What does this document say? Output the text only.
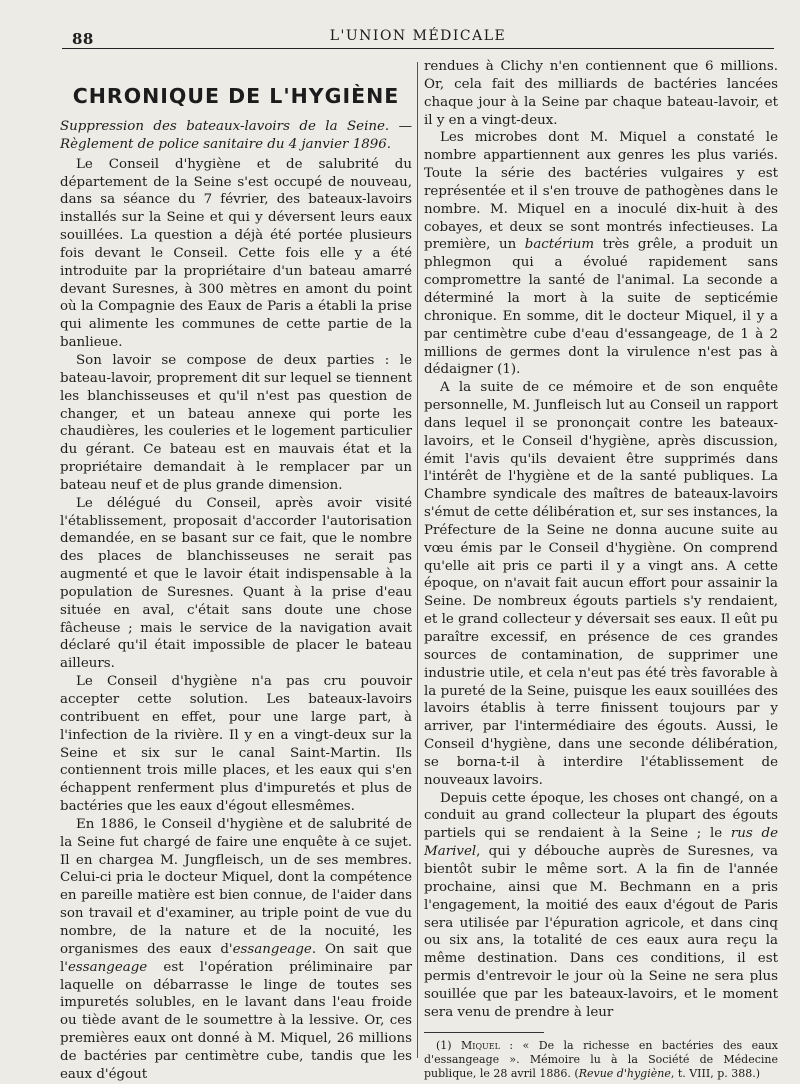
88	L'UNION MÉDICALE
CHRONIQUE DE L'HYGIÈNE

Suppression des bateaux-lavoirs de la Seine. — Règlement de police sanitaire du 4 janvier 1896.

Le Conseil d'hygiène et de salubrité du département de la Seine s'est occupé de nouveau, dans sa séance du 7 février, des bateaux-lavoirs installés sur la Seine et qui y déversent leurs eaux souillées. La question a déjà été portée plusieurs fois devant le Conseil. Cette fois elle y a été introduite par la propriétaire d'un bateau amarré devant Suresnes, à 300 mètres en amont du point où la Compagnie des Eaux de Paris a établi la prise qui alimente les communes de cette partie de la banlieue.

Son lavoir se compose de deux parties : le bateau-lavoir, proprement dit sur lequel se tiennent les blanchisseuses et qu'il n'est pas question de changer, et un bateau annexe qui porte les chaudières, les couleries et le logement particulier du gérant. Ce bateau est en mauvais état et la propriétaire demandait à le remplacer par un bateau neuf et de plus grande dimension.

Le délégué du Conseil, après avoir visité l'établissement, proposait d'accorder l'autorisation demandée, en se basant sur ce fait, que le nombre des places de blanchisseuses ne serait pas augmenté et que le lavoir était indispensable à la population de Suresnes. Quant à la prise d'eau située en aval, c'était sans doute une chose fâcheuse ; mais le service de la navigation avait déclaré qu'il était impossible de placer le bateau ailleurs.

Le Conseil d'hygiène n'a pas cru pouvoir accepter cette solution. Les bateaux-lavoirs contribuent en effet, pour une large part, à l'infection de la rivière. Il y en a vingt-deux sur la Seine et six sur le canal Saint-Martin. Ils contiennent trois mille places, et les eaux qui s'en échappent renferment plus d'impuretés et plus de bactéries que les eaux d'égout ellesmêmes.

En 1886, le Conseil d'hygiène et de salubrité de la Seine fut chargé de faire une enquête à ce sujet. Il en chargea M. Jungfleisch, un de ses membres. Celui-ci pria le docteur Miquel, dont la compétence en pareille matière est bien connue, de l'aider dans son travail et d'examiner, au triple point de vue du nombre, de la nature et de la nocuité, les organismes des eaux d'essangeage. On sait que l'essangeage est l'opération préliminaire par laquelle on débarrasse le linge de toutes ses impuretés solubles, en le lavant dans l'eau froide ou tiède avant de le soumettre à la lessive. Or, ces premières eaux ont donné à M. Miquel, 26 millions de bactéries par centimètre cube, tandis que les eaux d'égout

rendues à Clichy n'en contiennent que 6 millions. Or, cela fait des milliards de bactéries lancées chaque jour à la Seine par chaque bateau-lavoir, et il y en a vingt-deux.

Les microbes dont M. Miquel a constaté le nombre appartiennent aux genres les plus variés. Toute la série des bactéries vulgaires y est représentée et il s'en trouve de pathogènes dans le nombre. M. Miquel en a inoculé dix-huit à des cobayes, et deux se sont montrés infectieuses. La première, un bactérium très grêle, a produit un phlegmon qui a évolué rapidement sans compromettre la santé de l'animal. La seconde a déterminé la mort à la suite de septicémie chronique. En somme, dit le docteur Miquel, il y a par centimètre cube d'eau d'essangeage, de 1 à 2 millions de germes dont la virulence n'est pas à dédaigner (1).

A la suite de ce mémoire et de son enquête personnelle, M. Junfleisch lut au Conseil un rapport dans lequel il se prononçait contre les bateaux-lavoirs, et le Conseil d'hygiène, après discussion, émit l'avis qu'ils devaient être supprimés dans l'intérêt de l'hygiène et de la santé publiques. La Chambre syndicale des maîtres de bateaux-lavoirs s'émut de cette délibération et, sur ses instances, la Préfecture de la Seine ne donna aucune suite au vœu émis par le Conseil d'hygiène. On comprend qu'elle ait pris ce parti il y a vingt ans. A cette époque, on n'avait fait aucun effort pour assainir la Seine. De nombreux égouts partiels s'y rendaient, et le grand collecteur y déversait ses eaux. Il eût pu paraître excessif, en présence de ces grandes sources de contamination, de supprimer une industrie utile, et cela n'eut pas été très favorable à la pureté de la Seine, puisque les eaux souillées des lavoirs établis à terre finissent toujours par y arriver, par l'intermédiaire des égouts. Aussi, le Conseil d'hygiène, dans une seconde délibération, se borna-t-il à interdire l'établissement de nouveaux lavoirs.

Depuis cette époque, les choses ont changé, on a conduit au grand collecteur la plupart des égouts partiels qui se rendaient à la Seine ; le rus de Marivel, qui y débouche auprès de Suresnes, va bientôt subir le même sort. A la fin de l'année prochaine, ainsi que M. Bechmann en a pris l'engagement, la moitié des eaux d'égout de Paris sera utilisée par l'épuration agricole, et dans cinq ou six ans, la totalité de ces eaux aura reçu la même destination. Dans ces conditions, il est permis d'entrevoir le jour où la Seine ne sera plus souillée que par les bateaux-lavoirs, et le moment sera venu de prendre à leur

(1) Miquel : « De la richesse en bactéries des eaux d'essangeage ». Mémoire lu à la Société de Médecine publique, le 28 avril 1886. (Revue d'hygiène, t. VIII, p. 388.)
